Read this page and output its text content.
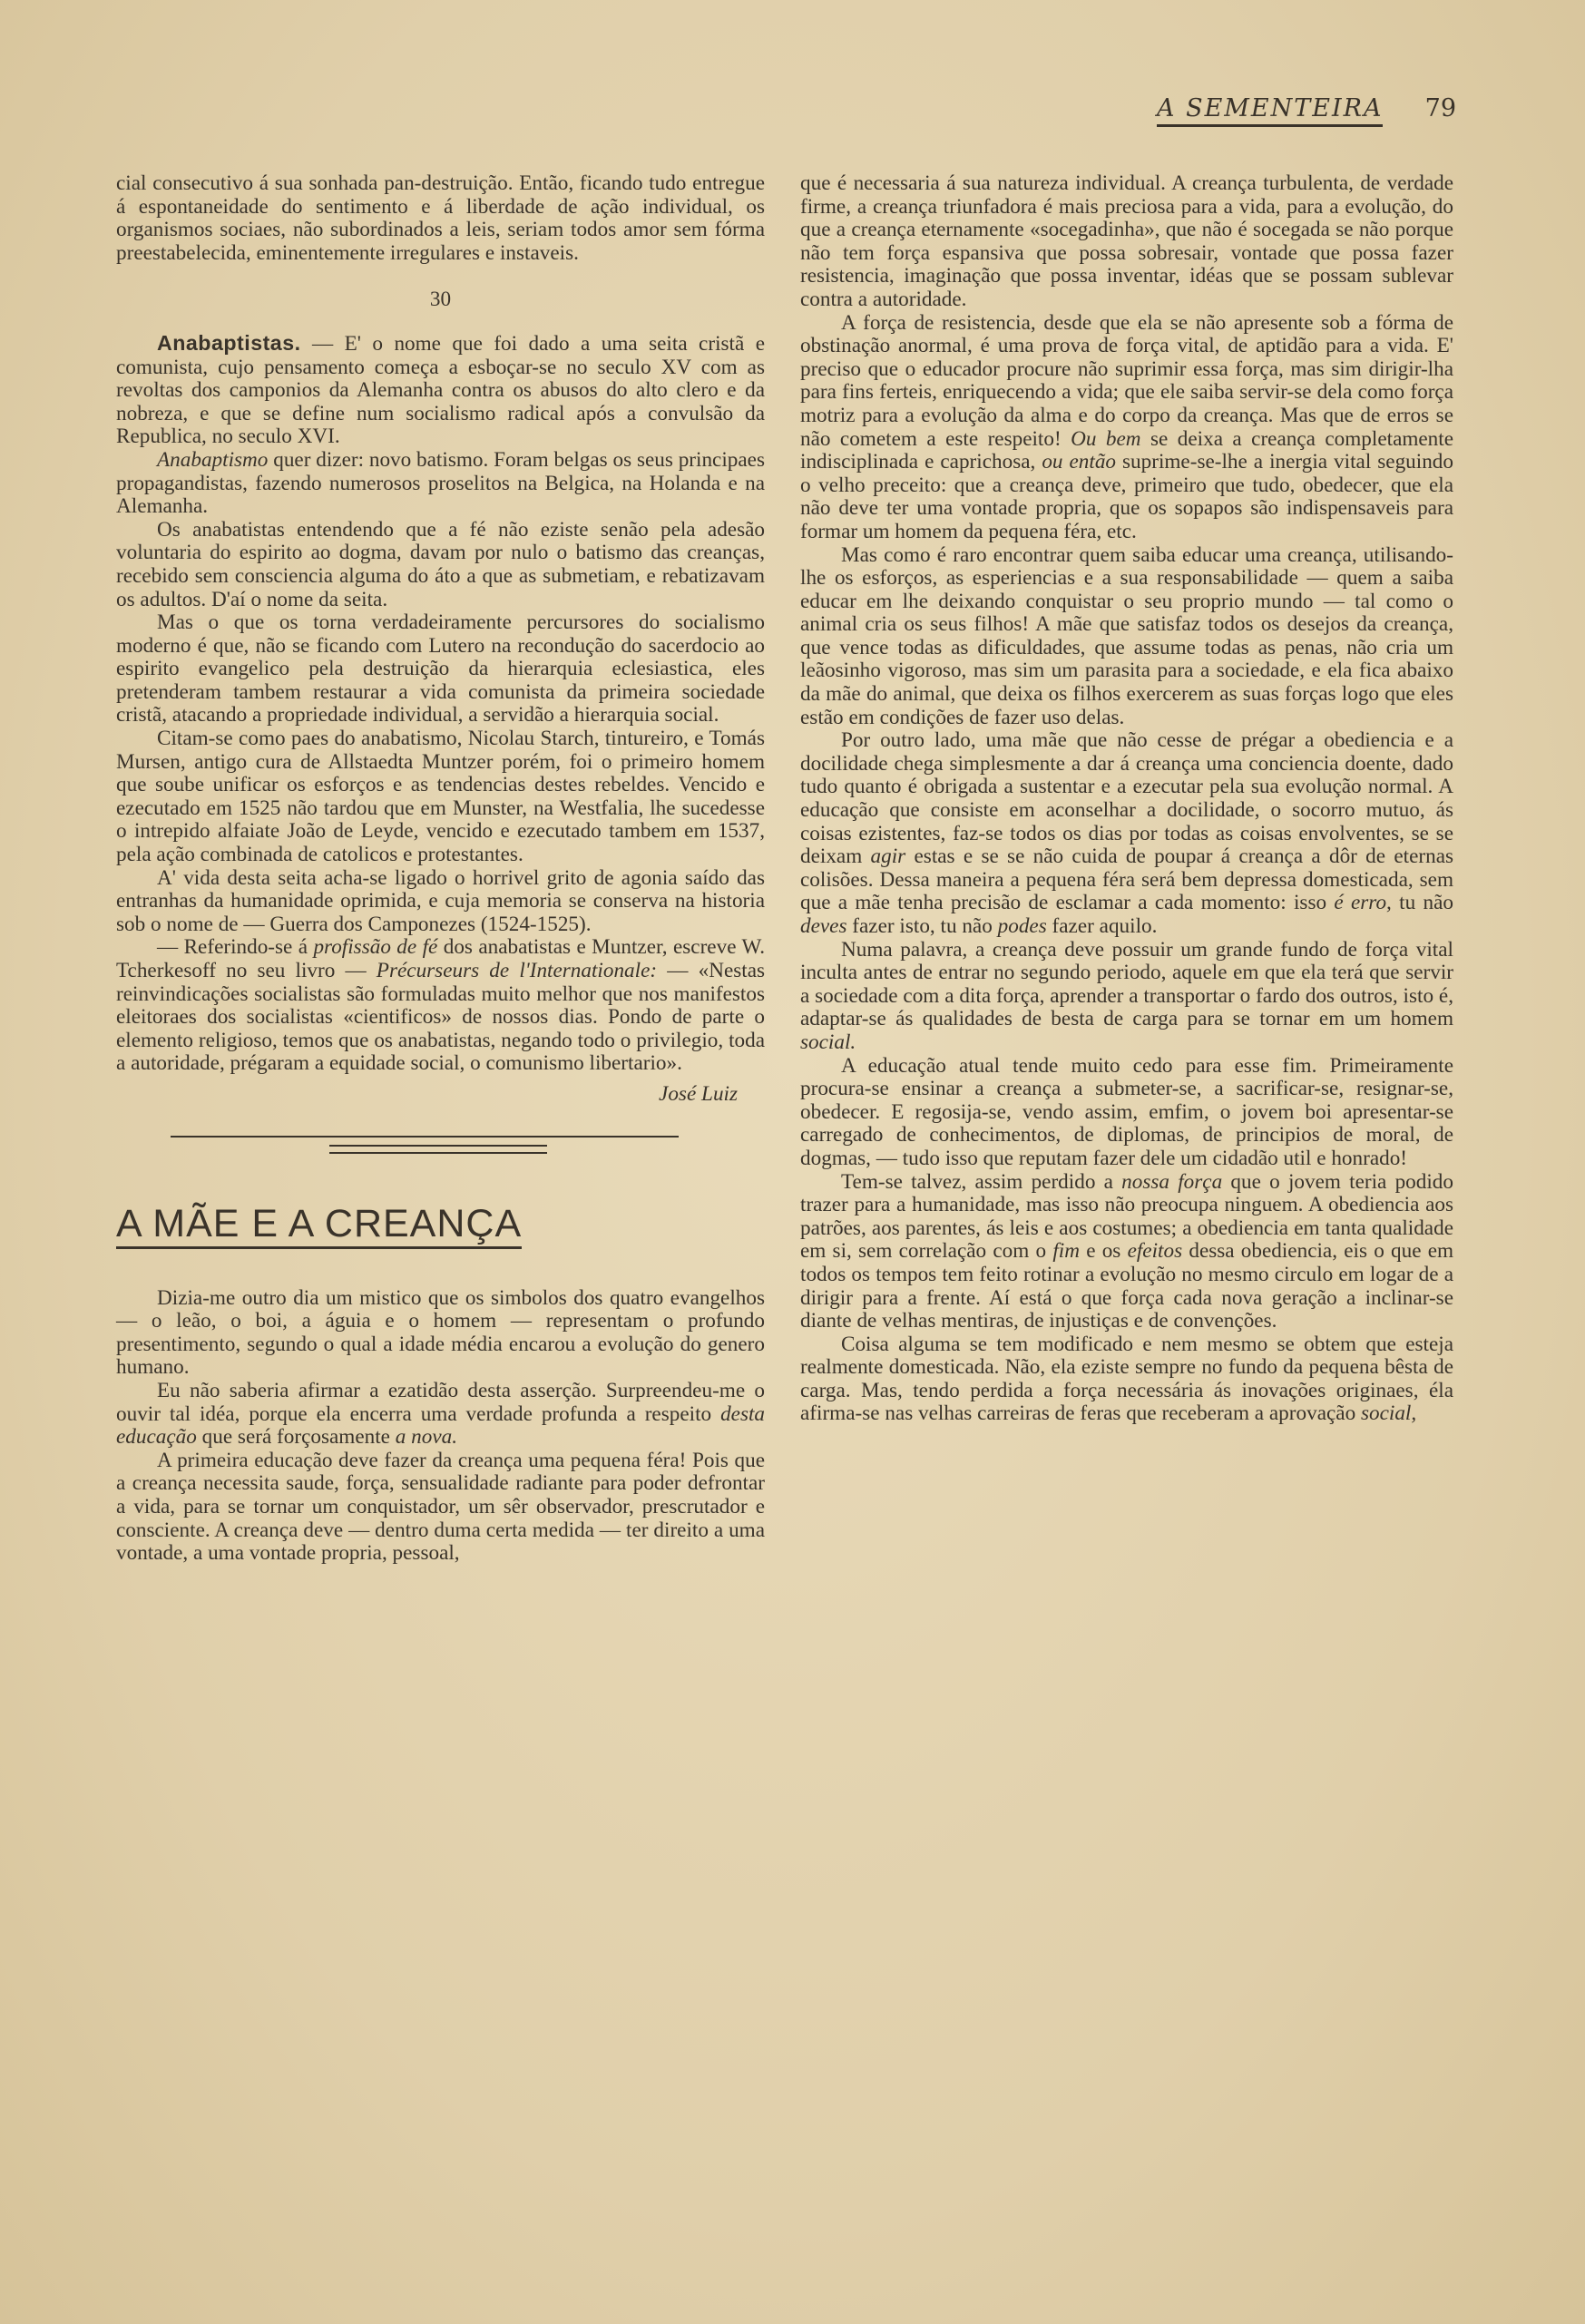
A SEMENTEIRA 79

cial consecutivo á sua sonhada pan-destruição. Então, ficando tudo entregue á espontaneidade do sentimento e á liberdade de ação individual, os organismos sociaes, não subordinados a leis, seriam todos amor sem fórma preestabelecida, eminentemente irregulares e instaveis.

30

Anabaptistas. — E' o nome que foi dado a uma seita cristã e comunista, cujo pensamento começa a esboçar-se no seculo XV com as revoltas dos camponios da Alemanha contra os abusos do alto clero e da nobreza, e que se define num socialismo radical após a convulsão da Republica, no seculo XVI.

Anabaptismo quer dizer: novo batismo. Foram belgas os seus principaes propagandistas, fazendo numerosos proselitos na Belgica, na Holanda e na Alemanha.

Os anabatistas entendendo que a fé não eziste senão pela adesão voluntaria do espirito ao dogma, davam por nulo o batismo das creanças, recebido sem consciencia alguma do áto a que as submetiam, e rebatizavam os adultos. D'aí o nome da seita.

Mas o que os torna verdadeiramente percursores do socialismo moderno é que, não se ficando com Lutero na recondução do sacerdocio ao espirito evangelico pela destruição da hierarquia eclesiastica, eles pretenderam tambem restaurar a vida comunista da primeira sociedade cristã, atacando a propriedade individual, a servidão a hierarquia social.

Citam-se como paes do anabatismo, Nicolau Starch, tintureiro, e Tomás Mursen, antigo cura de Allstaedta Muntzer porém, foi o primeiro homem que soube unificar os esforços e as tendencias destes rebeldes. Vencido e ezecutado em 1525 não tardou que em Munster, na Westfalia, lhe sucedesse o intrepido alfaiate João de Leyde, vencido e ezecutado tambem em 1537, pela ação combinada de catolicos e protestantes.

A' vida desta seita acha-se ligado o horrivel grito de agonia saído das entranhas da humanidade oprimida, e cuja memoria se conserva na historia sob o nome de — Guerra dos Camponezes (1524-1525).

— Referindo-se á profissão de fé dos anabatistas e Muntzer, escreve W. Tcherkesoff no seu livro — Précurseurs de l'Internationale: — «Nestas reinvindicações socialistas são formuladas muito melhor que nos manifestos eleitoraes dos socialistas «cientificos» de nossos dias. Pondo de parte o elemento religioso, temos que os anabatistas, negando todo o privilegio, toda a autoridade, prégaram a equidade social, o comunismo libertario».

José Luiz
A MÃE E A CREANÇA

Dizia-me outro dia um mistico que os simbolos dos quatro evangelhos — o leão, o boi, a águia e o homem — representam o profundo presentimento, segundo o qual a idade média encarou a evolução do genero humano.

Eu não saberia afirmar a ezatidão desta asserção. Surpreendeu-me o ouvir tal idéa, porque ela encerra uma verdade profunda a respeito desta educação que será forçosamente a nova.

A primeira educação deve fazer da creança uma pequena féra! Pois que a creança necessita saude, força, sensualidade radiante para poder defrontar a vida, para se tornar um conquistador, um sêr observador, prescrutador e consciente. A creança deve — dentro duma certa medida — ter direito a uma vontade, a uma vontade propria, pessoal,

que é necessaria á sua natureza individual. A creança turbulenta, de verdade firme, a creança triunfadora é mais preciosa para a vida, para a evolução, do que a creança eternamente «socegadinha», que não é socegada se não porque não tem força espansiva que possa sobresair, vontade que possa fazer resistencia, imaginação que possa inventar, idéas que se possam sublevar contra a autoridade.

A força de resistencia, desde que ela se não apresente sob a fórma de obstinação anormal, é uma prova de força vital, de aptidão para a vida. E' preciso que o educador procure não suprimir essa força, mas sim dirigir-lha para fins ferteis, enriquecendo a vida; que ele saiba servir-se dela como força motriz para a evolução da alma e do corpo da creança. Mas que de erros se não cometem a este respeito! Ou bem se deixa a creança completamente indisciplinada e caprichosa, ou então suprime-se-lhe a inergia vital seguindo o velho preceito: que a creança deve, primeiro que tudo, obedecer, que ela não deve ter uma vontade propria, que os sopapos são indispensaveis para formar um homem da pequena féra, etc.

Mas como é raro encontrar quem saiba educar uma creança, utilisando-lhe os esforços, as esperiencias e a sua responsabilidade — quem a saiba educar em lhe deixando conquistar o seu proprio mundo — tal como o animal cria os seus filhos! A mãe que satisfaz todos os desejos da creança, que vence todas as dificuldades, que assume todas as penas, não cria um leãosinho vigoroso, mas sim um parasita para a sociedade, e ela fica abaixo da mãe do animal, que deixa os filhos exercerem as suas forças logo que eles estão em condições de fazer uso delas.

Por outro lado, uma mãe que não cesse de prégar a obediencia e a docilidade chega simplesmente a dar á creança uma conciencia doente, dado tudo quanto é obrigada a sustentar e a ezecutar pela sua evolução normal. A educação que consiste em aconselhar a docilidade, o socorro mutuo, ás coisas ezistentes, faz-se todos os dias por todas as coisas envolventes, se se deixam agir estas e se se não cuida de poupar á creança a dôr de eternas colisões. Dessa maneira a pequena féra será bem depressa domesticada, sem que a mãe tenha precisão de esclamar a cada momento: isso é erro, tu não deves fazer isto, tu não podes fazer aquilo.

Numa palavra, a creança deve possuir um grande fundo de força vital inculta antes de entrar no segundo periodo, aquele em que ela terá que servir a sociedade com a dita força, aprender a transportar o fardo dos outros, isto é, adaptar-se ás qualidades de besta de carga para se tornar em um homem social.

A educação atual tende muito cedo para esse fim. Primeiramente procura-se ensinar a creança a submeter-se, a sacrificar-se, resignar-se, obedecer. E regosija-se, vendo assim, emfim, o jovem boi apresentar-se carregado de conhecimentos, de diplomas, de principios de moral, de dogmas, — tudo isso que reputam fazer dele um cidadão util e honrado!

Tem-se talvez, assim perdido a nossa força que o jovem teria podido trazer para a humanidade, mas isso não preocupa ninguem. A obediencia aos patrões, aos parentes, ás leis e aos costumes; a obediencia em tanta qualidade em si, sem correlação com o fim e os efeitos dessa obediencia, eis o que em todos os tempos tem feito rotinar a evolução no mesmo circulo em logar de a dirigir para a frente. Aí está o que força cada nova geração a inclinar-se diante de velhas mentiras, de injustiças e de convenções.

Coisa alguma se tem modificado e nem mesmo se obtem que esteja realmente domesticada. Não, ela eziste sempre no fundo da pequena bêsta de carga. Mas, tendo perdida a força necessária ás inovações originaes, éla afirma-se nas velhas carreiras de feras que receberam a aprovação social,
